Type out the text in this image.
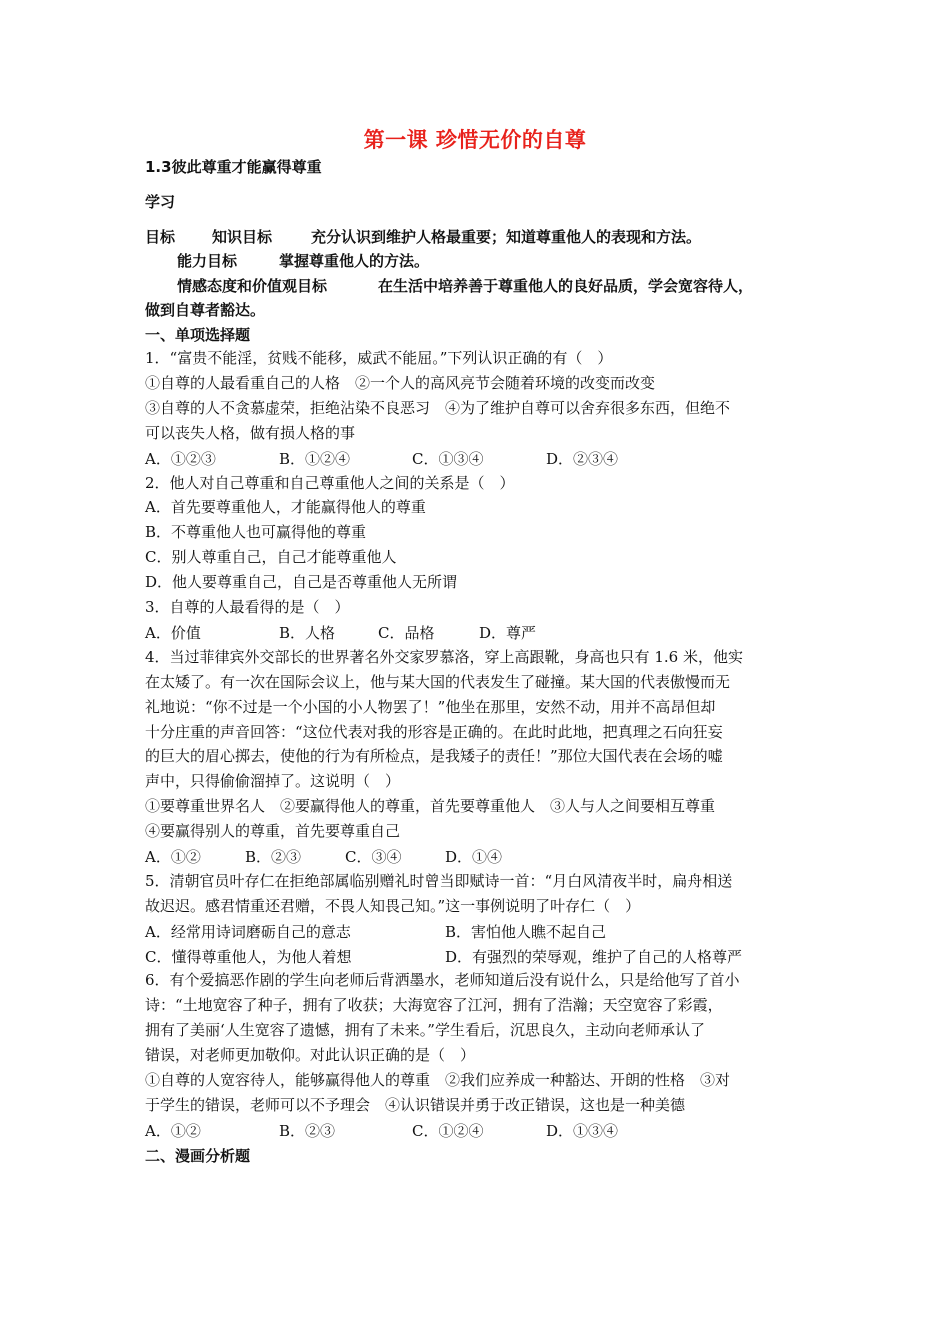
第一课 珍惜无价的自尊
1.3彼此尊重才能赢得尊重
学习
目标 知识目标	充分认识到维护人格最重要；知道尊重他人的表现和方法。
能力目标	掌握尊重他人的方法。
情感态度和价值观目标	在生活中培养善于尊重他人的良好品质，学会宽容待人，
做到自尊者豁达。
一、单项选择题
1．“富贵不能淫，贫贱不能移，威武不能屈。”下列认识正确的有（　）
①自尊的人最看重自己的人格　②一个人的高风亮节会随着环境的改变而改变
③自尊的人不贪慕虚荣，拒绝沾染不良恶习　④为了维护自尊可以舍弃很多东西，但绝不
可以丧失人格，做有损人格的事
A．①②③	B．①②④	C．①③④	D．②③④
2．他人对自己尊重和自己尊重他人之间的关系是（　）
A．首先要尊重他人，才能赢得他人的尊重
B．不尊重他人也可赢得他的尊重
C．别人尊重自己，自己才能尊重他人
D．他人要尊重自己，自己是否尊重他人无所谓
3．自尊的人最看得的是（　）
A．价值	B．人格	C．品格	D．尊严
4．当过菲律宾外交部长的世界著名外交家罗慕洛，穿上高跟靴，身高也只有 1.6 米，他实
在太矮了。有一次在国际会议上，他与某大国的代表发生了碰撞。某大国的代表傲慢而无
礼地说：“你不过是一个小国的小人物罢了！”他坐在那里，安然不动，用并不高昂但却
十分庄重的声音回答：“这位代表对我的形容是正确的。在此时此地，把真理之石向狂妄
的巨大的眉心掷去，使他的行为有所检点，是我矮子的责任！”那位大国代表在会场的嘘
声中，只得偷偷溜掉了。这说明（　）
①要尊重世界名人　②要赢得他人的尊重，首先要尊重他人　③人与人之间要相互尊重
④要赢得别人的尊重，首先要尊重自己
A．①②	B．②③	C．③④	D．①④
5．清朝官员叶存仁在拒绝部属临别赠礼时曾当即赋诗一首：“月白风清夜半时，扁舟相送
故迟迟。感君情重还君赠，不畏人知畏己知。”这一事例说明了叶存仁（　）
A．经常用诗词磨砺自己的意志	B．害怕他人瞧不起自己
C．懂得尊重他人，为他人着想	D．有强烈的荣辱观，维护了自己的人格尊严
6．有个爱搞恶作剧的学生向老师后背洒墨水，老师知道后没有说什么，只是给他写了首小
诗：“土地宽容了种子，拥有了收获；大海宽容了江河，拥有了浩瀚；天空宽容了彩霞，
拥有了美丽‘人生宽容了遗憾，拥有了未来。”学生看后，沉思良久，主动向老师承认了
错误，对老师更加敬仰。对此认识正确的是（　）
①自尊的人宽容待人，能够赢得他人的尊重　②我们应养成一种豁达、开朗的性格　③对
于学生的错误，老师可以不予理会　④认识错误并勇于改正错误，这也是一种美德
A．①②	B．②③	C．①②④	D．①③④
二、漫画分析题
